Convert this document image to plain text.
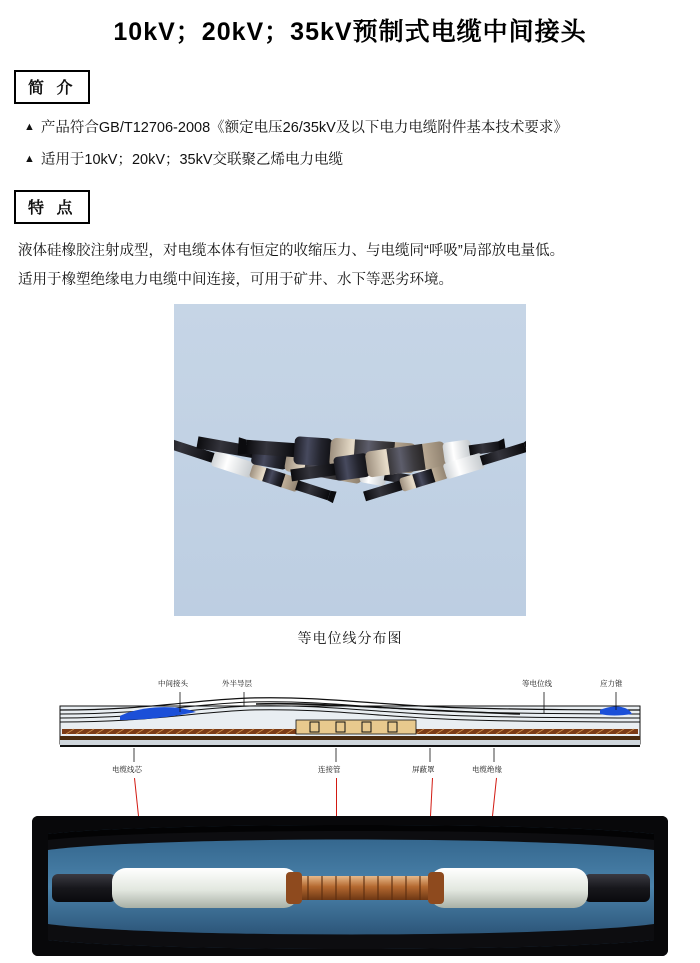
10kV；20kV；35kV预制式电缆中间接头
简 介
▲ 产品符合GB/T12706-2008《额定电压26/35kV及以下电力电缆附件基本技术要求》
▲ 适用于10kV；20kV；35kV交联聚乙烯电力电缆
特 点
液体硅橡胶注射成型，对电缆本体有恒定的收缩压力、与电缆同“呼吸”局部放电量低。
适用于橡塑绝缘电力电缆中间连接，可用于矿井、水下等恶劣环境。
等电位线分布图
中间接头	外半导层	等电位线	应力锥
电缆线芯	连接管	屏蔽罩	电缆绝缘
